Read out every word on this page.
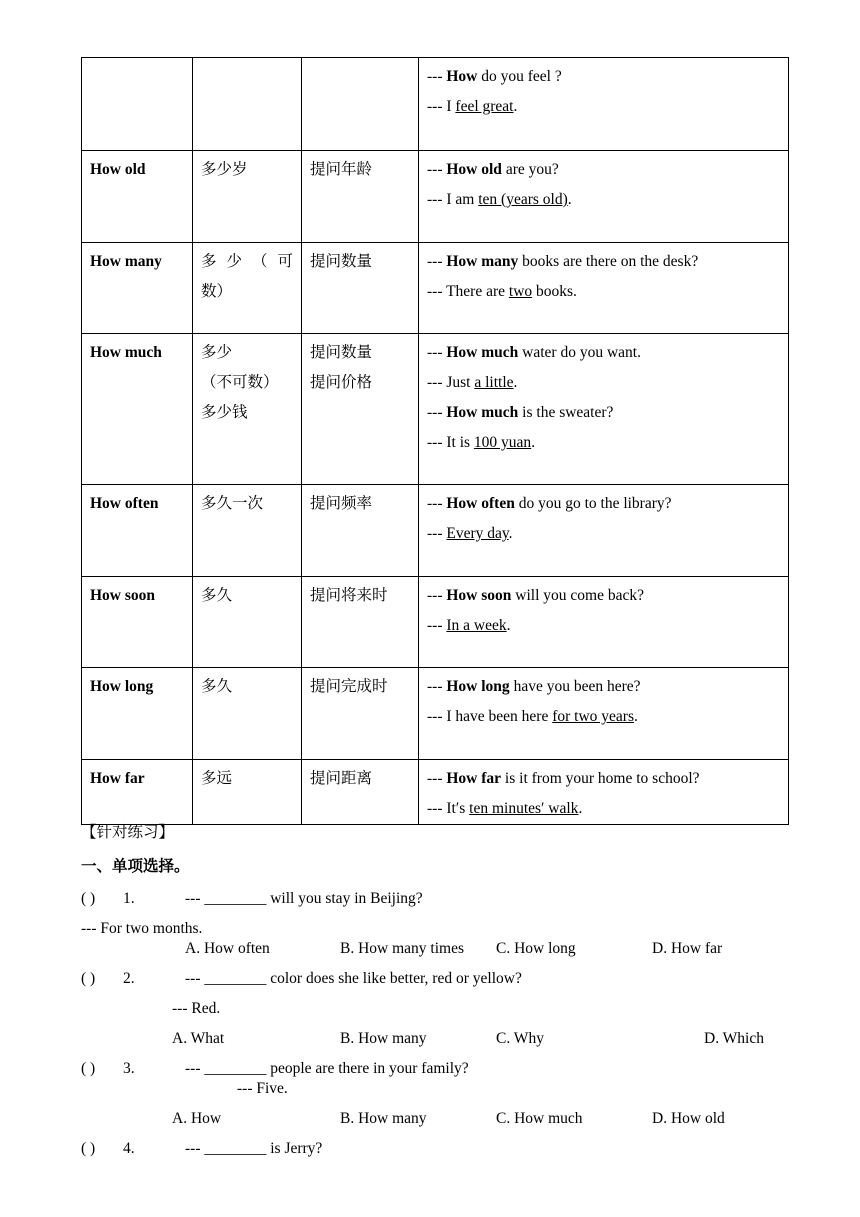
			--- How do you feel ?
--- I feel great.

How old	多少岁	提问年龄	--- How old are you?
--- I am ten (years old).

How many	多 少 （ 可
数）	提问数量	--- How many books are there on the desk?
--- There are two books.

How much	多少
（不可数）
多少钱	提问数量
提问价格	--- How much water do you want.
--- Just a little.
--- How much is the sweater?
--- It is 100 yuan.

How often	多久一次	提问频率	--- How often do you go to the library?
--- Every day.

How soon	多久	提问将来时	--- How soon will you come back?
--- In a week.

How long	多久	提问完成时	--- How long have you been here?
--- I have been here for two years.

How far	多远	提问距离	--- How far is it from your home to school?
--- It′s ten minutes′ walk.
【针对练习】
一、单项选择。
( ) 1.	--- ________ will you stay in Beijing?
--- For two months.
A. How often	B. How many times C. How long	D. How far
( ) 2.	--- ________ color does she like better, red or yellow?
--- Red.
A. What	B. How many	C. Why	D. Which
( ) 3.	--- ________ people are there in your family?
--- Five.
A. How	B. How many	C. How much	D. How old
( ) 4.	--- ________ is Jerry?
